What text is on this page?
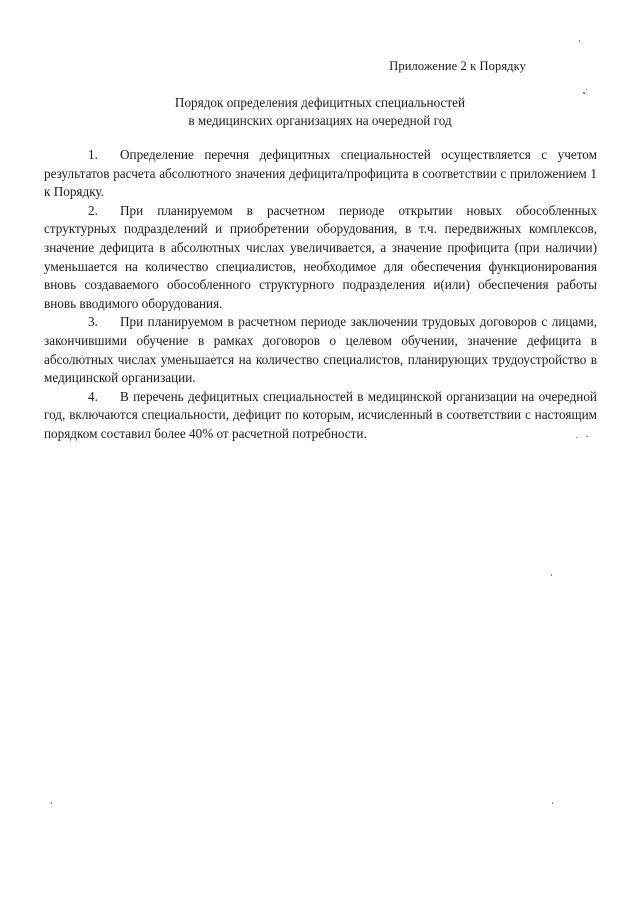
Приложение 2 к Порядку
Порядок определения дефицитных специальностей
в медицинских организациях на очередной год

1. Определение перечня дефицитных специальностей осуществляется с учетом результатов расчета абсолютного значения дефицита/профицита в соответствии с приложением 1 к Порядку.

2. При планируемом в расчетном периоде открытии новых обособленных структурных подразделений и приобретении оборудования, в т.ч. передвижных комплексов, значение дефицита в абсолютных числах увеличивается, а значение профицита (при наличии) уменьшается на количество специалистов, необходимое для обеспечения функционирования вновь создаваемого обособленного структурного подразделения и(или) обеспечения работы вновь вводимого оборудования.

3. При планируемом в расчетном периоде заключении трудовых договоров с лицами, закончившими обучение в рамках договоров о целевом обучении, значение дефицита в абсолютных числах уменьшается на количество специалистов, планирующих трудоустройство в медицинской организации.

4. В перечень дефицитных специальностей в медицинской организации на очередной год, включаются специальности, дефицит по которым, исчисленный в соответствии с настоящим порядком составил более 40% от расчетной потребности.
